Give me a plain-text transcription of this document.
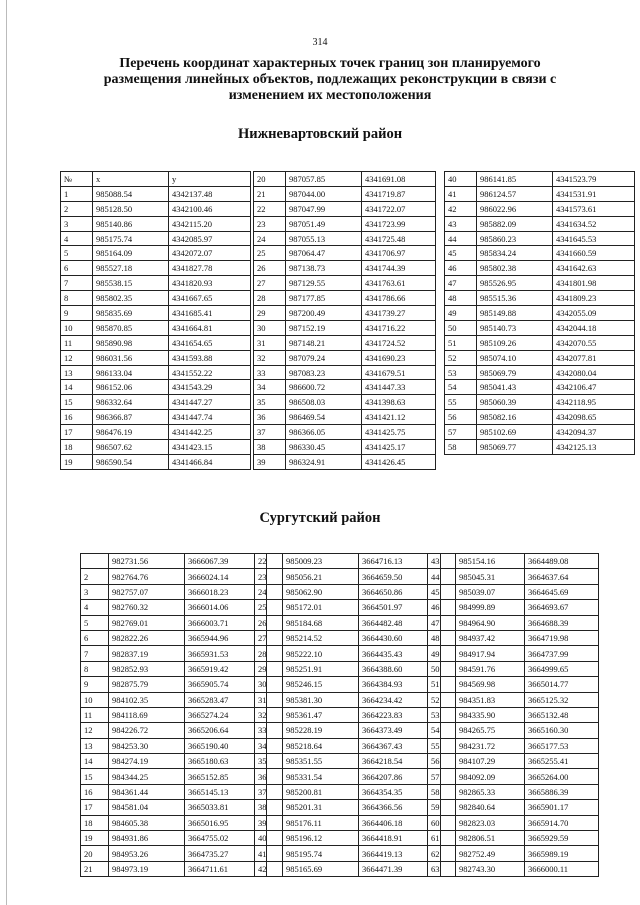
314
Перечень координат характерных точек границ зон планируемого
размещения линейных объектов, подлежащих реконструкции в связи с
изменением их местоположения
Нижневартовский район
№	x	y
1	985088.54	4342137.48
2	985128.50	4342100.46
3	985140.86	4342115.20
4	985175.74	4342085.97
5	985164.09	4342072.07
6	985527.18	4341827.78
7	985538.15	4341820.93
8	985802.35	4341667.65
9	985835.69	4341685.41
10	985870.85	4341664.81
11	985890.98	4341654.65
12	986031.56	4341593.88
13	986133.04	4341552.22
14	986152.06	4341543.29
15	986332.64	4341447.27
16	986366.87	4341447.74
17	986476.19	4341442.25
18	986507.62	4341423.15
19	986590.54	4341466.84
20	987057.85	4341691.08
21	987044.00	4341719.87
22	987047.99	4341722.07
23	987051.49	4341723.99
24	987055.13	4341725.48
25	987064.47	4341706.97
26	987138.73	4341744.39
27	987129.55	4341763.61
28	987177.85	4341786.66
29	987200.49	4341739.27
30	987152.19	4341716.22
31	987148.21	4341724.52
32	987079.24	4341690.23
33	987083.23	4341679.51
34	986600.72	4341447.33
35	986508.03	4341398.63
36	986469.54	4341421.12
37	986366.05	4341425.75
38	986330.45	4341425.17
39	986324.91	4341426.45
40	986141.85	4341523.79
41	986124.57	4341531.91
42	986022.96	4341573.61
43	985882.09	4341634.52
44	985860.23	4341645.53
45	985834.24	4341660.59
46	985802.38	4341642.63
47	985526.95	4341801.98
48	985515.36	4341809.23
49	985149.88	4342055.09
50	985140.73	4342044.18
51	985109.26	4342070.55
52	985074.10	4342077.81
53	985069.79	4342080.04
54	985041.43	4342106.47
55	985060.39	4342118.95
56	985082.16	4342098.65
57	985102.69	4342094.37
58	985069.77	4342125.13
Сургутский район
	982731.56	3666067.39
2	982764.76	3666024.14
3	982757.07	3666018.23
4	982760.32	3666014.06
5	982769.01	3666003.71
6	982822.26	3665944.96
7	982837.19	3665931.53
8	982852.93	3665919.42
9	982875.79	3665905.74
10	984102.35	3665283.47
11	984118.69	3665274.24
12	984226.72	3665206.64
13	984253.30	3665190.40
14	984274.19	3665180.63
15	984344.25	3665152.85
16	984361.44	3665145.13
17	984581.04	3665033.81
18	984605.38	3665016.95
19	984931.86	3664755.02
20	984953.26	3664735.27
21	984973.19	3664711.61
22	985009.23	3664716.13
23	985056.21	3664659.50
24	985062.90	3664650.86
25	985172.01	3664501.97
26	985184.68	3664482.48
27	985214.52	3664430.60
28	985222.10	3664435.43
29	985251.91	3664388.60
30	985246.15	3664384.93
31	985381.30	3664234.42
32	985361.47	3664223.83
33	985228.19	3664373.49
34	985218.64	3664367.43
35	985351.55	3664218.54
36	985331.54	3664207.86
37	985200.81	3664354.35
38	985201.31	3664366.56
39	985176.11	3664406.18
40	985196.12	3664418.91
41	985195.74	3664419.13
42	985165.69	3664471.39
43	985154.16	3664489.08
44	985045.31	3664637.64
45	985039.07	3664645.69
46	984999.89	3664693.67
47	984964.90	3664688.39
48	984937.42	3664719.98
49	984917.94	3664737.99
50	984591.76	3664999.65
51	984569.98	3665014.77
52	984351.83	3665125.32
53	984335.90	3665132.48
54	984265.75	3665160.30
55	984231.72	3665177.53
56	984107.29	3665255.41
57	984092.09	3665264.00
58	982865.33	3665886.39
59	982840.64	3665901.17
60	982823.03	3665914.70
61	982806.51	3665929.59
62	982752.49	3665989.19
63	982743.30	3666000.11
